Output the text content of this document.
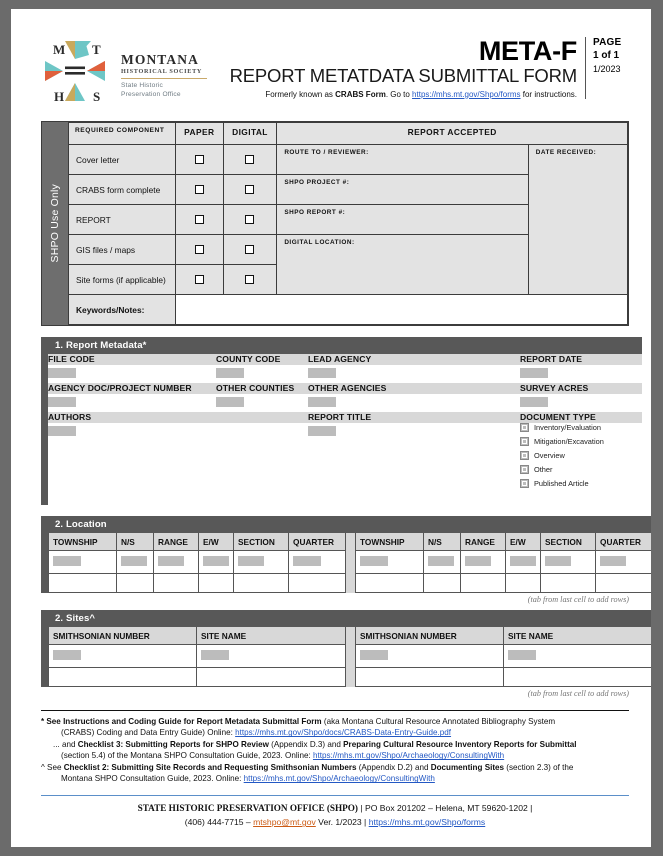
M T
H S
MONTANA
HISTORICAL SOCIETY
State Historic
Preservation Office
META-F
REPORT METATDATA SUBMITTAL FORM
Formerly known as CRABS Form. Go to https://mhs.mt.gov/Shpo/forms for instructions.
PAGE
1 of 1
1/2023
SHPO Use Only
REQUIRED COMPONENT	PAPER	DIGITAL	REPORT ACCEPTED	
Cover letter			ROUTE TO / REVIEWER:	DATE RECEIVED:
CRABS form complete			SHPO PROJECT #:	
REPORT			SHPO REPORT #:	
GIS files / maps			DIGITAL LOCATION:	
Site forms (if applicable)				
Keywords/Notes:				
1. Report Metadata*
FILE CODE	COUNTY CODE	LEAD AGENCY	REPORT DATE

AGENCY DOC/PROJECT NUMBER	OTHER COUNTIES	OTHER AGENCIES	SURVEY ACRES

AUTHORS		REPORT TITLE	DOCUMENT TYPE

			Inventory/Evaluation
Mitigation/Excavation
Overview
Other
Published Article
2. Location
TOWNSHIP	N/S	RANGE	E/W	SECTION	QUARTER		TOWNSHIP	N/S	RANGE	E/W	SECTION	QUARTER

(tab from last cell to add rows)
2. Sites^
SMITHSONIAN NUMBER	SITE NAME		SMITHSONIAN NUMBER	SITE NAME

(tab from last cell to add rows)
* See Instructions and Coding Guide for Report Metadata Submittal Form (aka Montana Cultural Resource Annotated Bibliography System
(CRABS) Coding and Data Entry Guide) Online: https://mhs.mt.gov/Shpo/docs/CRABS-Data-Entry-Guide.pdf
... and Checklist 3: Submitting Reports for SHPO Review (Appendix D.3) and Preparing Cultural Resource Inventory Reports for Submittal
(section 5.4) of the Montana SHPO Consultation Guide, 2023. Online: https://mhs.mt.gov/Shpo/Archaeology/ConsultingWith
^ See Checklist 2: Submitting Site Records and Requesting Smithsonian Numbers (Appendix D.2) and Documenting Sites (section 2.3) of the
Montana SHPO Consultation Guide, 2023. Online: https://mhs.mt.gov/Shpo/Archaeology/ConsultingWith
STATE HISTORIC PRESERVATION OFFICE (SHPO) | PO Box 201202 – Helena, MT 59620-1202 |
(406) 444-7715 – mtshpo@mt.gov Ver. 1/2023 | https://mhs.mt.gov/Shpo/forms
